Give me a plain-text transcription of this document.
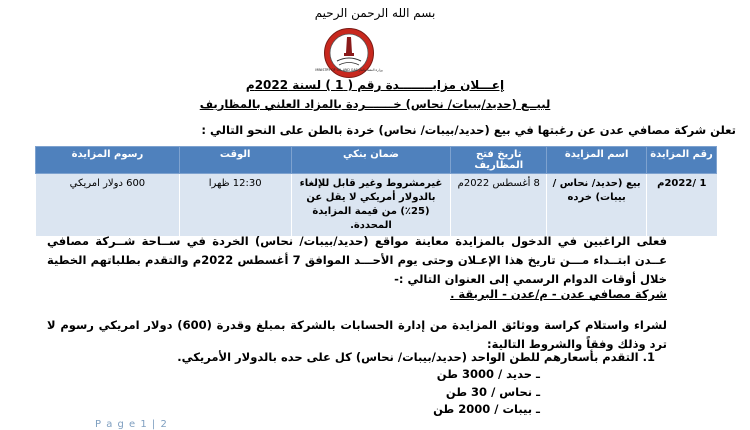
بسم الله الرحمن الرحيم
وزارة النفط والغاز MINISTRY OF OIL AND GAS
إعـــلان مزايــــــــدة رقم ( 1 ) لسنة 2022م
لبيــع (حديد/بيبات/ نحاس) خـــــــردة بالمزاد العلني بالمظاريف
تعلن شركة مصافي عدن عن رغبتها في بيع (حديد/بيبات/ نحاس) خردة بالطن على النحو التالي :
رقم المزايدة	اسم المزايدة	تاريخ فتح المظاريف	ضمان بنكي	الوقت	رسوم المزايدة
1 /2022م	بيع (حديد/ نحاس / بيبات) خرده	8 أغسطس 2022م	غيرمشروط وغير قابل للإلغاء بالدولار أمريكي لا يقل عن (25٪) من قيمة المزايدة المحددة.	12:30 ظهرا	600 دولار امريكي
فعلى الراغبين في الدخول بالمزايدة معاينة مواقع (حديد/بيبات/ نحاس) الخردة في ســاحة شــركة مصافي عــدن ابتــداء مـــن تاريخ هذا الإعـلان وحتى يوم الأحـــد الموافق 7 أغسطس 2022م والتقدم بطلباتهم الخطية خلال أوقات الدوام الرسمي إلى العنوان التالي :-
شركة مصافي عدن - م/عدن - البريقة .
لشراء واستلام كراسة ووثائق المزايدة من إدارة الحسابات بالشركة بمبلغ وقدرة (600) دولار امريكي رسوم لا ترد وذلك وفقاً والشروط التالية:
1. التقدم بأسعارهم للطن الواحد (حديد/بيبات/ نحاس) كل على حده بالدولار الأمريكي.
ـ حديد / 3000 طن
ـ نحاس / 30 طن
ـ بيبات / 2000 طن
P a g e 1 | 2
